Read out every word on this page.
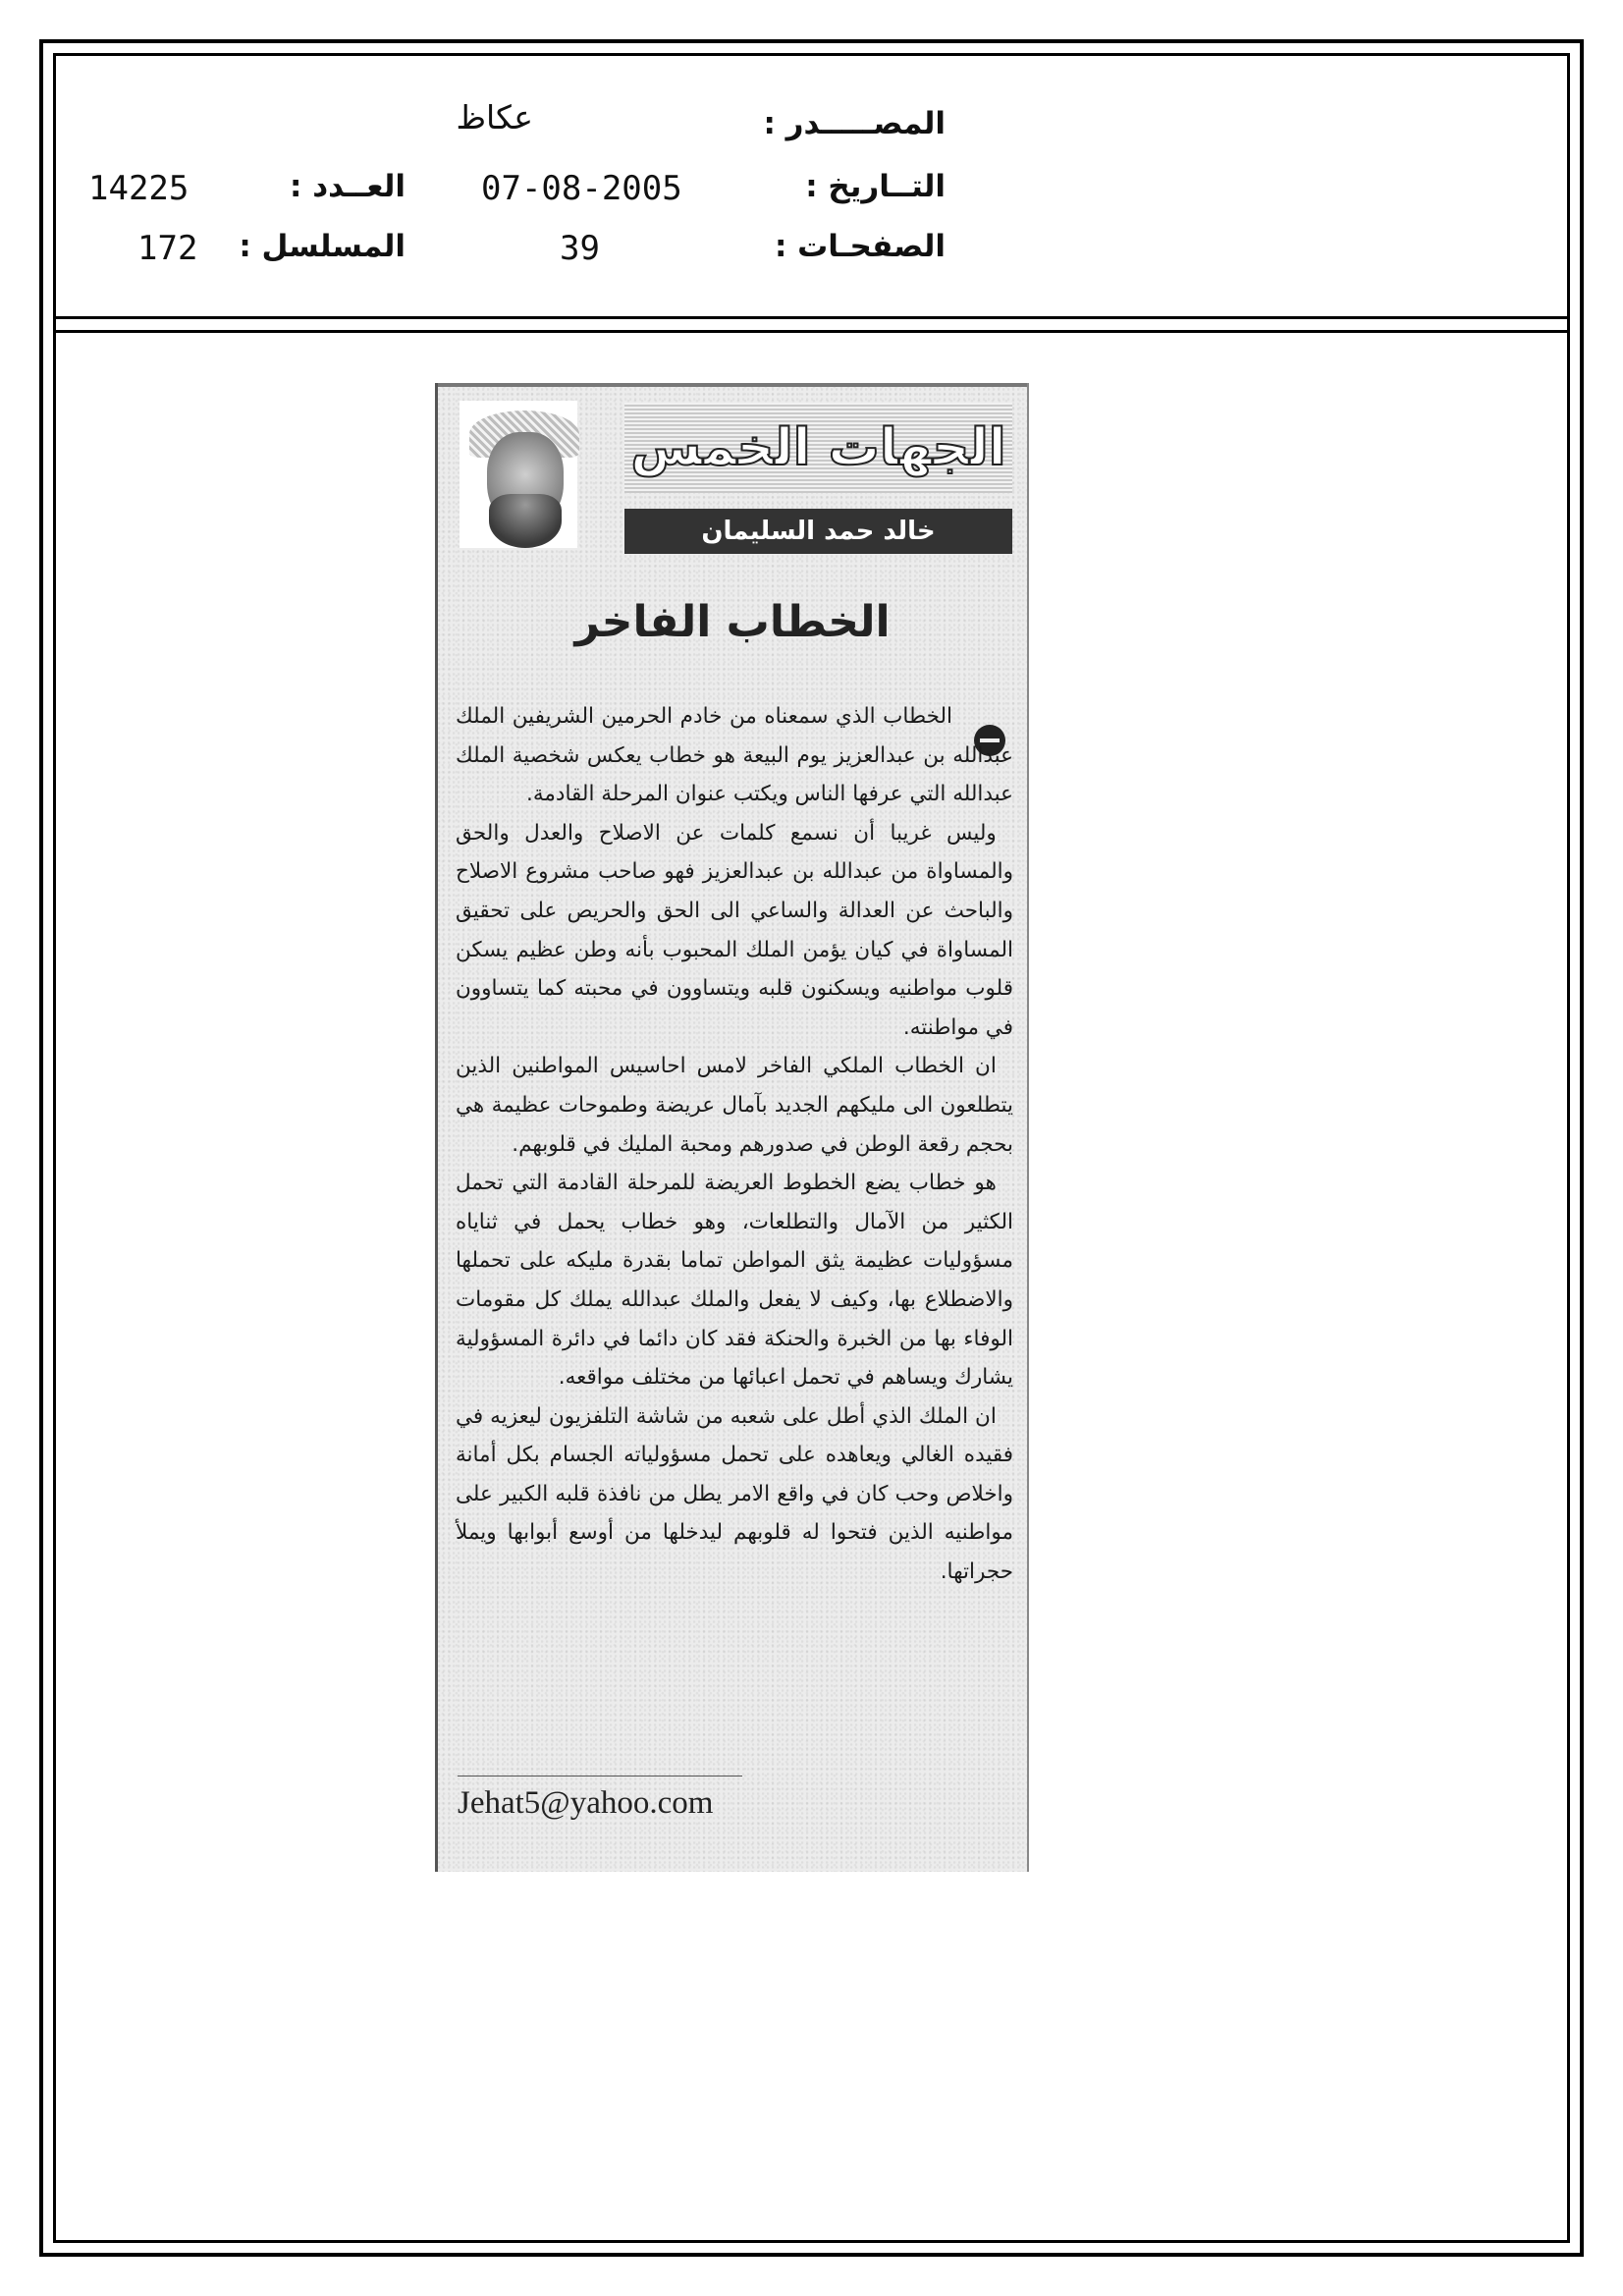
المصـــــدر :
عكاظ
التــاريخ :
07-08-2005
العــدد :
14225
الصفحـات :
39
المسلسل :
172
الجهات الخمس
خالد حمد السليمان
الخطاب الفاخر

الخطاب الذي سمعناه من خادم الحرمين الشريفين الملك عبدالله بن عبدالعزيز يوم البيعة هو خطاب يعكس شخصية الملك عبدالله التي عرفها الناس ويكتب عنوان المرحلة القادمة.

وليس غريبا أن نسمع كلمات عن الاصلاح والعدل والحق والمساواة من عبدالله بن عبدالعزيز فهو صاحب مشروع الاصلاح والباحث عن العدالة والساعي الى الحق والحريص على تحقيق المساواة في كيان يؤمن الملك المحبوب بأنه وطن عظيم يسكن قلوب مواطنيه ويسكنون قلبه ويتساوون في محبته كما يتساوون في مواطنته.

ان الخطاب الملكي الفاخر لامس احاسيس المواطنين الذين يتطلعون الى مليكهم الجديد بآمال عريضة وطموحات عظيمة هي بحجم رقعة الوطن في صدورهم ومحبة المليك في قلوبهم.

هو خطاب يضع الخطوط العريضة للمرحلة القادمة التي تحمل الكثير من الآمال والتطلعات، وهو خطاب يحمل في ثناياه مسؤوليات عظيمة يثق المواطن تماما بقدرة مليكه على تحملها والاضطلاع بها، وكيف لا يفعل والملك عبدالله يملك كل مقومات الوفاء بها من الخبرة والحنكة فقد كان دائما في دائرة المسؤولية يشارك ويساهم في تحمل اعبائها من مختلف مواقعه.

ان الملك الذي أطل على شعبه من شاشة التلفزيون ليعزيه في فقيده الغالي ويعاهده على تحمل مسؤولياته الجسام بكل أمانة واخلاص وحب كان في واقع الامر يطل من نافذة قلبه الكبير على مواطنيه الذين فتحوا له قلوبهم ليدخلها من أوسع أبوابها ويملأ حجراتها.

Jehat5@yahoo.com
